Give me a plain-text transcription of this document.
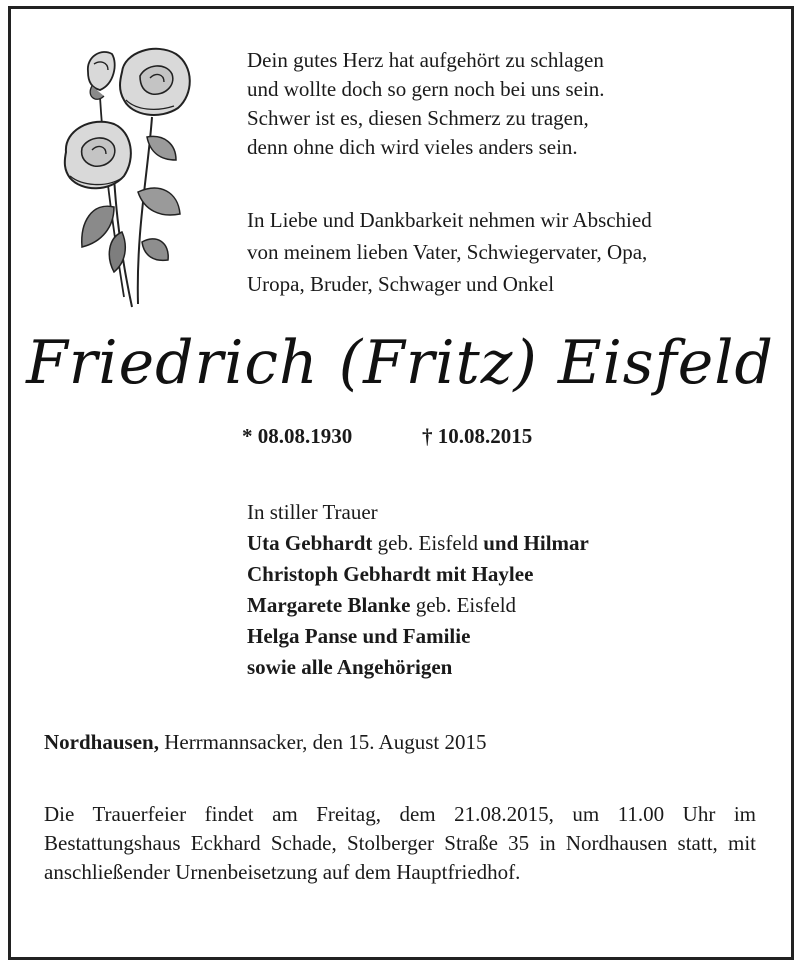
Dein gutes Herz hat aufgehört zu schlagen
und wollte doch so gern noch bei uns sein.
Schwer ist es, diesen Schmerz zu tragen,
denn ohne dich wird vieles anders sein.
In Liebe und Dankbarkeit nehmen wir Abschied
von meinem lieben Vater, Schwiegervater, Opa,
Uropa, Bruder, Schwager und Onkel
Friedrich (Fritz) Eisfeld
* 08.08.1930	† 10.08.2015
In stiller Trauer
Uta Gebhardt geb. Eisfeld und Hilmar
Christoph Gebhardt mit Haylee
Margarete Blanke geb. Eisfeld
Helga Panse und Familie
sowie alle Angehörigen
Nordhausen, Herrmannsacker, den 15. August 2015
Die Trauerfeier findet am Freitag, dem 21.08.2015, um 11.00 Uhr im Bestattungshaus Eckhard Schade, Stolberger Straße 35 in Nordhausen statt, mit anschließender Urnenbeisetzung auf dem Hauptfriedhof.
